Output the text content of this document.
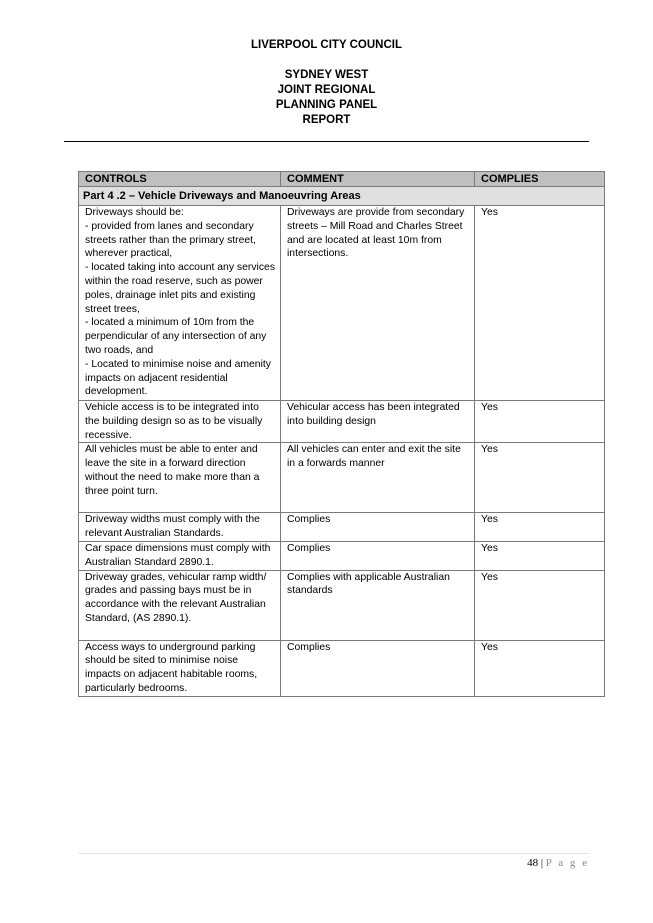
LIVERPOOL CITY COUNCIL
SYDNEY WEST
JOINT REGIONAL
PLANNING PANEL
REPORT
CONTROLS	COMMENT	COMPLIES
Part 4 .2 – Vehicle Driveways and Manoeuvring Areas		

Driveways should be:
- provided from lanes and secondary streets rather than the primary street, wherever practical,
- located taking into account any services within the road reserve, such as power poles, drainage inlet pits and existing street trees,
- located a minimum of 10m from the perpendicular of any intersection of any two roads, and
- Located to minimise noise and amenity impacts on adjacent residential development.	Driveways are provide from secondary streets – Mill Road and Charles Street and are located at least 10m from intersections.	Yes
Vehicle access is to be integrated into the building design so as to be visually recessive.	Vehicular access has been integrated into building design	Yes
All vehicles must be able to enter and leave the site in a forward direction without the need to make more than a three point turn.	All vehicles can enter and exit the site in a forwards manner	Yes
Driveway widths must comply with the relevant Australian Standards.	Complies	Yes
Car space dimensions must comply with Australian Standard 2890.1.	Complies	Yes
Driveway grades, vehicular ramp width/ grades and passing bays must be in accordance with the relevant Australian Standard, (AS 2890.1).	Complies with applicable Australian standards	Yes
Access ways to underground parking should be sited to minimise noise impacts on adjacent habitable rooms, particularly bedrooms.	Complies	Yes
48 | P a g e
